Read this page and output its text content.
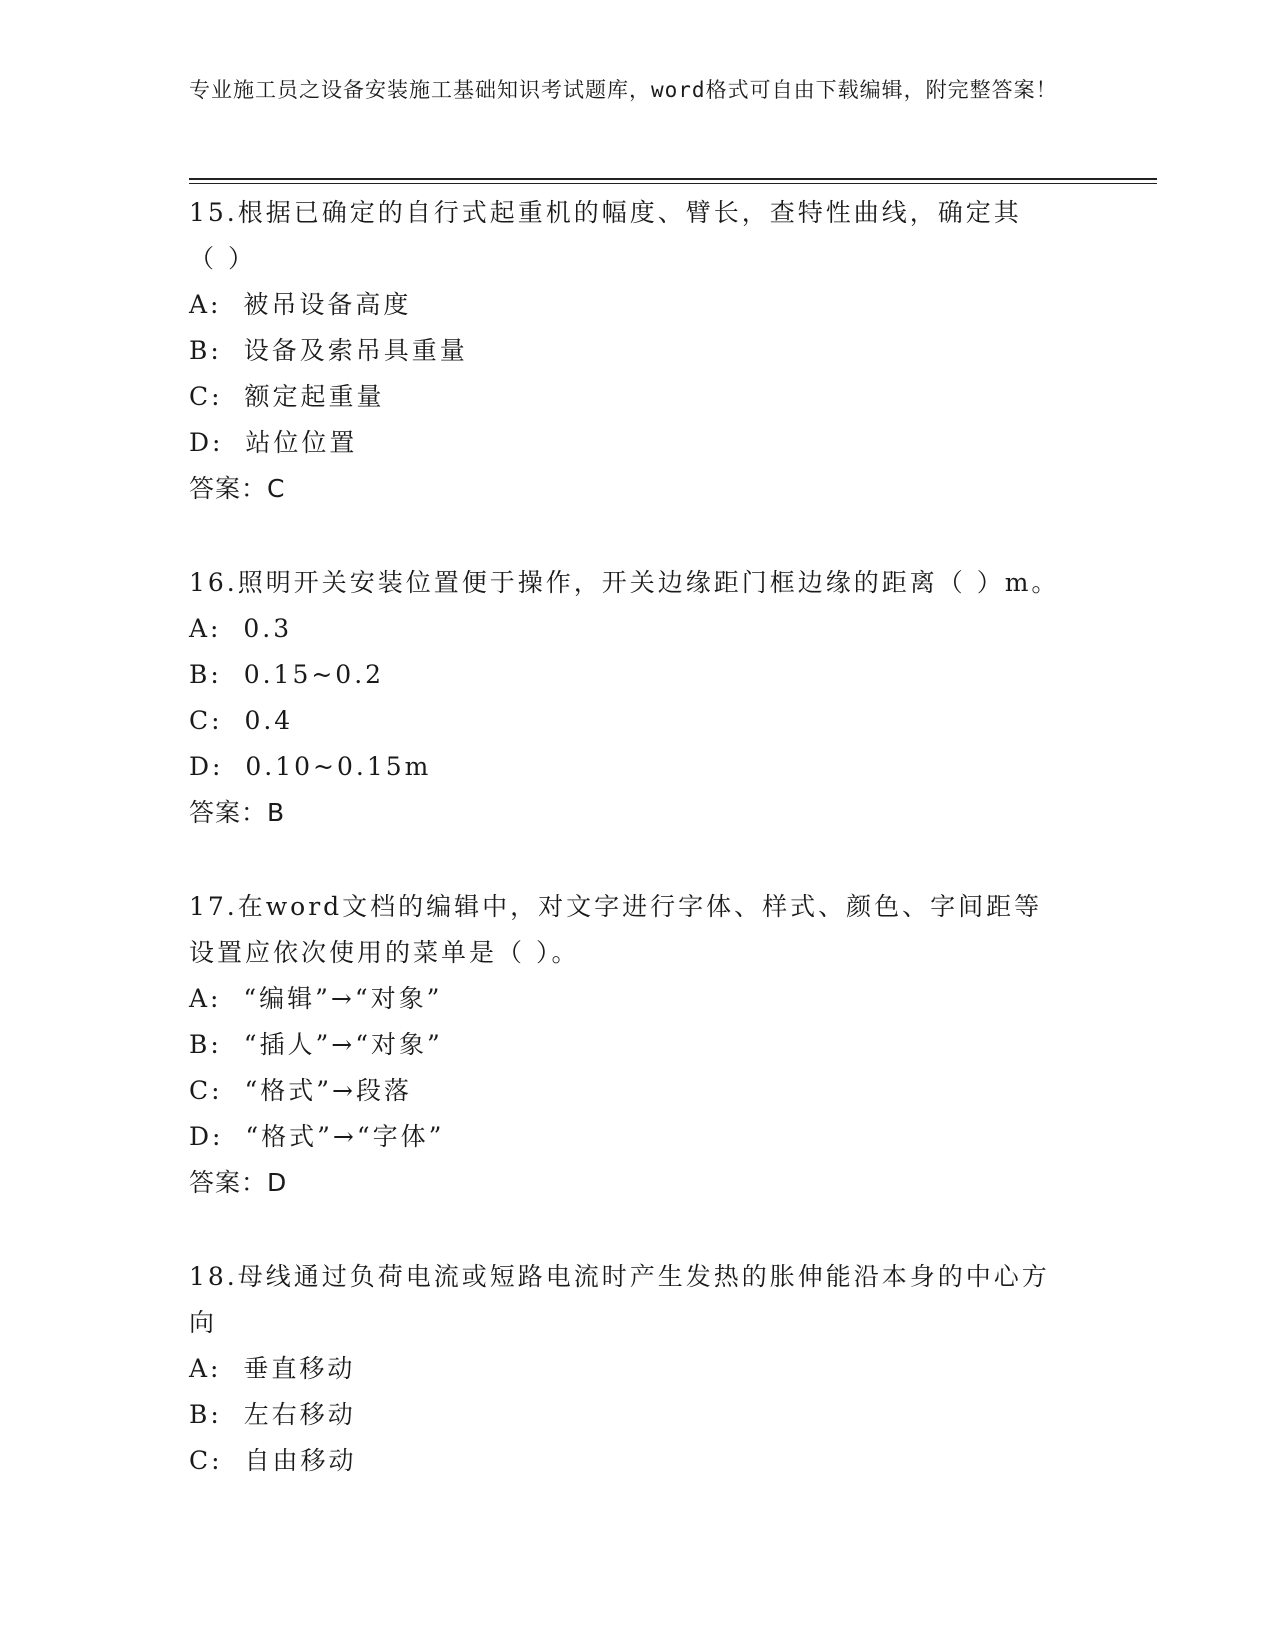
专业施工员之设备安装施工基础知识考试题库，word格式可自由下载编辑，附完整答案！

15.根据已确定的自行式起重机的幅度、臂长，查特性曲线，确定其（ ）

A:  被吊设备高度

B:  设备及索吊具重量

C:  额定起重量

D:  站位位置

答案：C

16.照明开关安装位置便于操作，开关边缘距门框边缘的距离（ ）m。

A:  0.3

B:  0.15~0.2

C:  0.4

D:  0.10~0.15m

答案：B

17.在word文档的编辑中，对文字进行字体、样式、颜色、字间距等设置应依次使用的菜单是（ ）。

A:  “编辑”→“对象”

B:  “插人”→“对象”

C:  “格式”→段落

D:  “格式”→“字体”

答案：D

18.母线通过负荷电流或短路电流时产生发热的胀伸能沿本身的中心方向

A:  垂直移动

B:  左右移动

C:  自由移动
